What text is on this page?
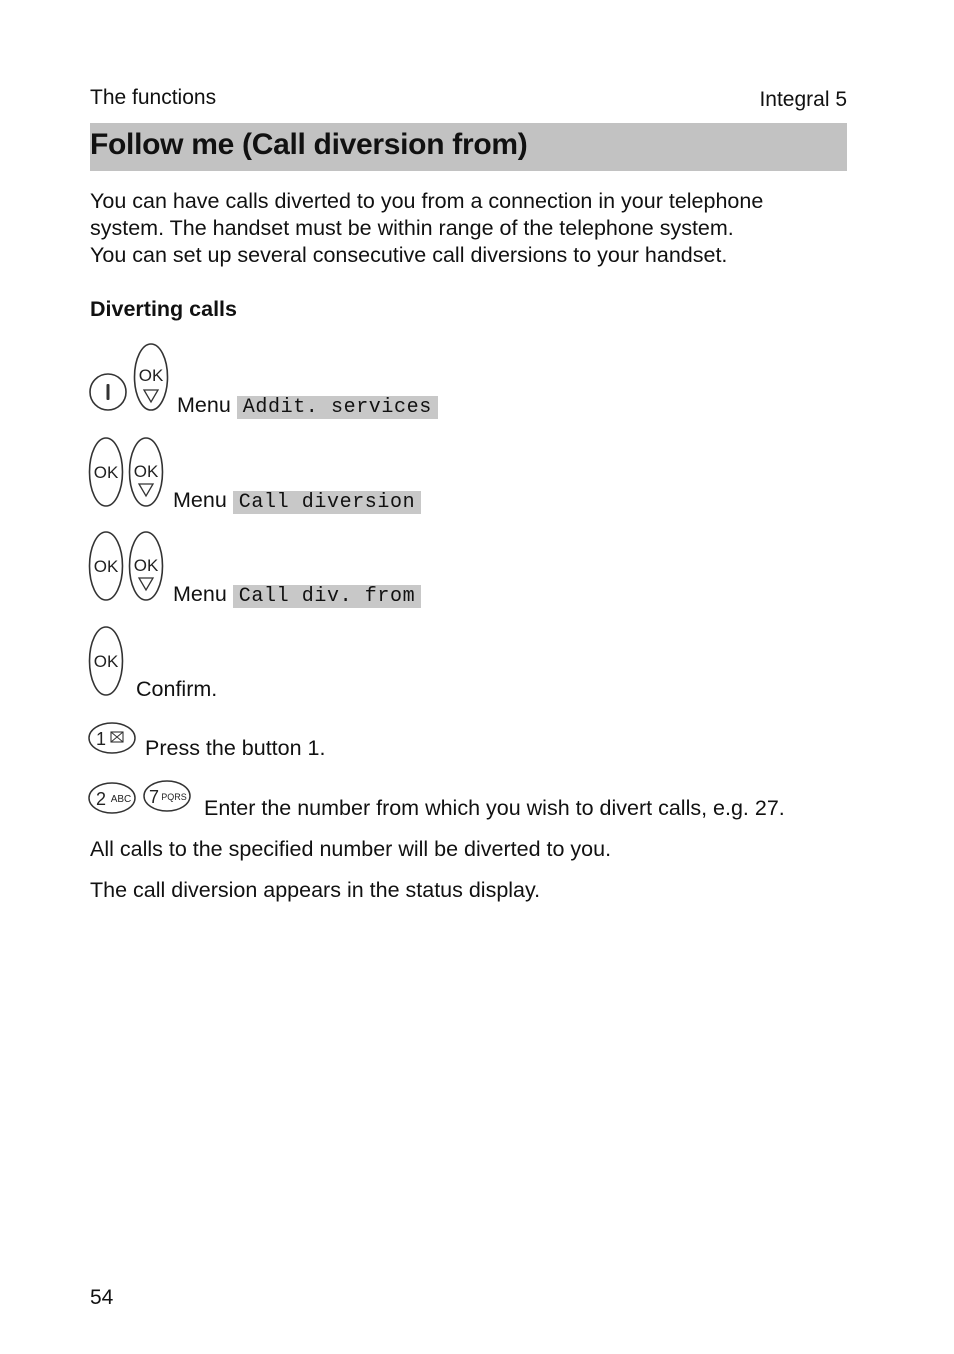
The functions	Integral 5
Follow me (Call diversion from)
You can have calls diverted to you from a connection in your telephone
system. The handset must be within range of the telephone system.
You can set up several consecutive call diversions to your handset.
Diverting calls
OK
Menu Addit. services
OK OK
Menu Call diversion
OK OK
Menu Call div. from
OK
Confirm.
1 Press the button 1.
2 ABC 7 PQRS Enter the number from which you wish to divert calls, e.g. 27.
All calls to the specified number will be diverted to you.
The call diversion appears in the status display.
54
